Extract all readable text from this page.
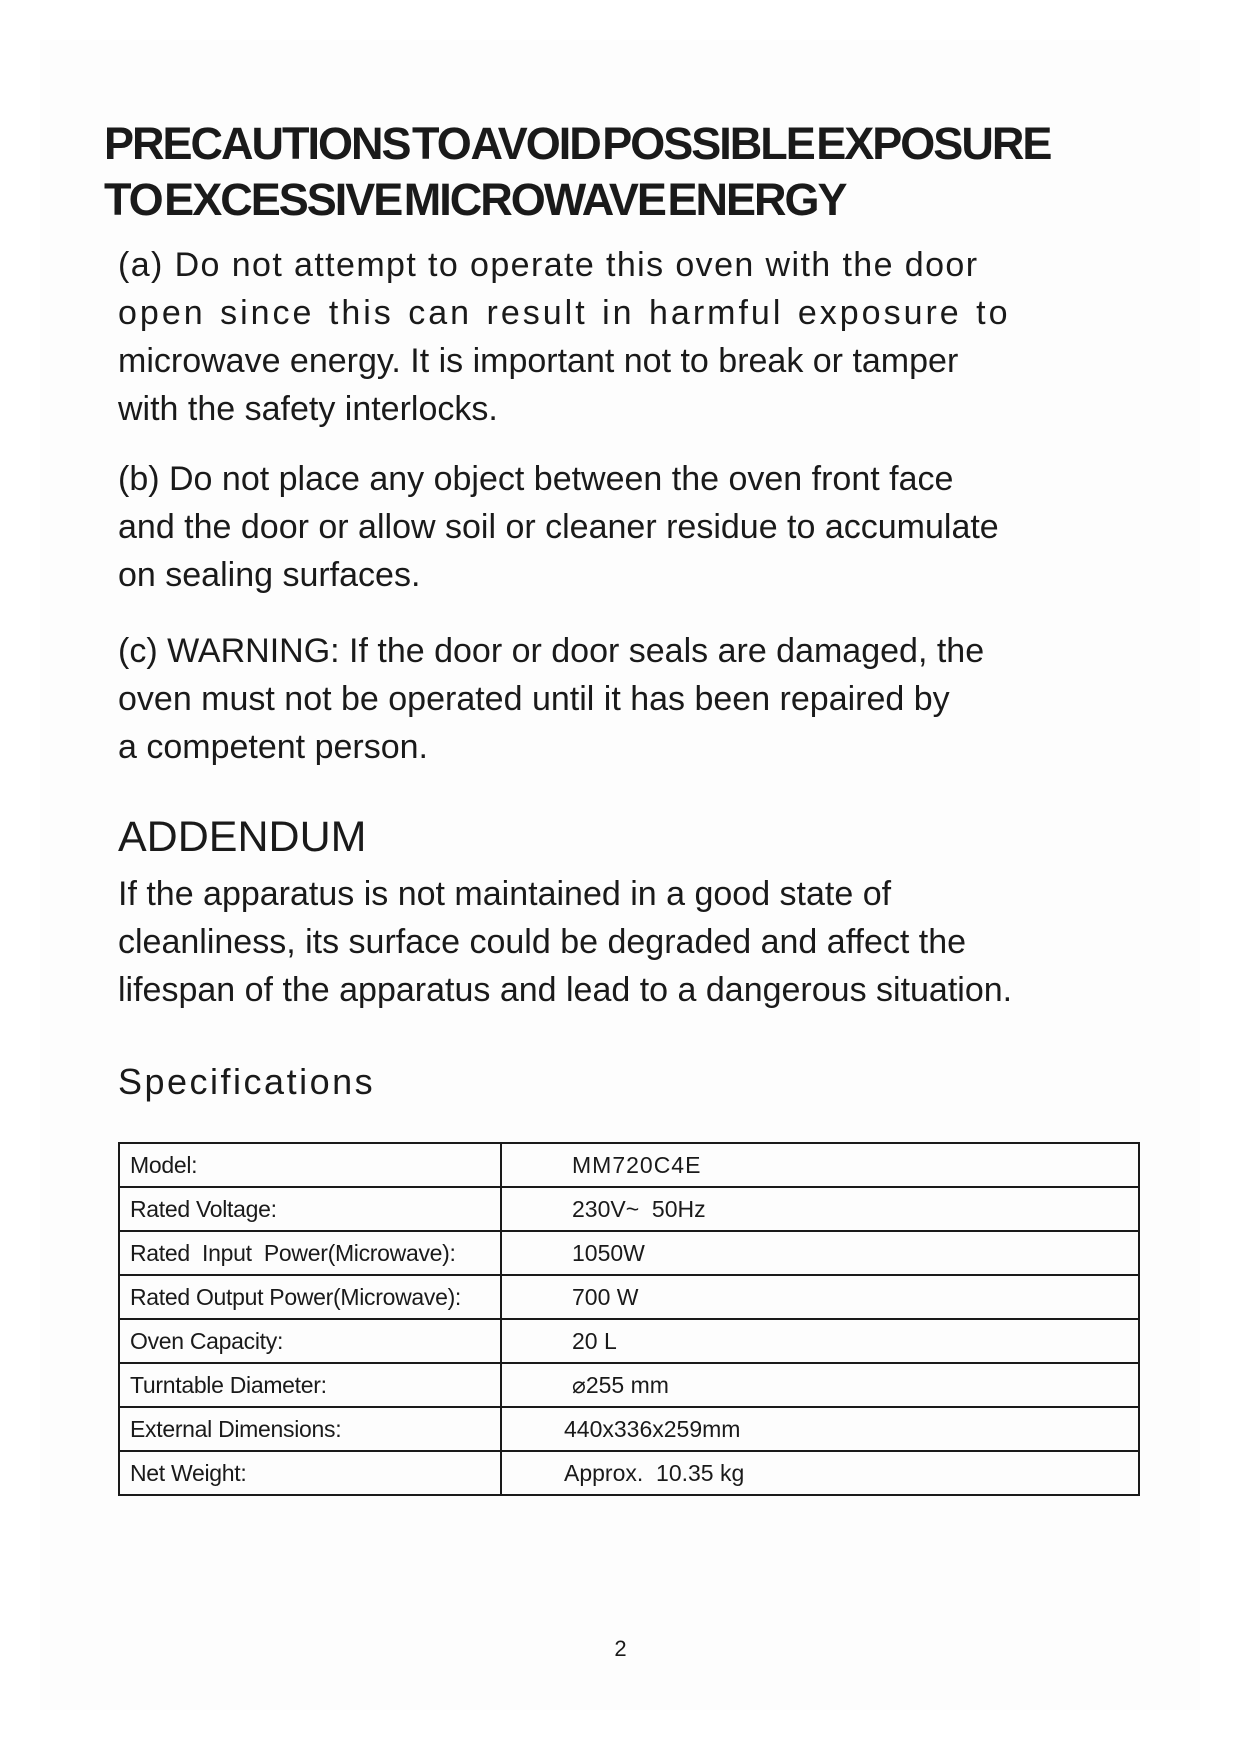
PRECAUTIONS TO AVOID POSSIBLE EXPOSURE
TO EXCESSIVE MICROWAVE ENERGY

(a) Do not attempt to operate this oven with the door
open since this can result in harmful exposure to
microwave energy. It is important not to break or tamper
with the safety interlocks.

(b) Do not place any object between the oven front face
and the door or allow soil or cleaner residue to accumulate
on sealing surfaces.

(c) WARNING: If the door or door seals are damaged, the
oven must not be operated until it has been repaired by
a competent person.

ADDENDUM

If the apparatus is not maintained in a good state of
cleanliness, its surface could be degraded and affect the
lifespan of the apparatus and lead to a dangerous situation.

Specifications
Model:	MM720C4E
Rated Voltage:	230V~  50Hz
Rated  Input  Power(Microwave):	1050W
Rated Output Power(Microwave):	700 W
Oven Capacity:	20 L
Turntable Diameter:	⌀255 mm
External Dimensions:	440x336x259mm
Net Weight:	Approx.  10.35 kg
2
